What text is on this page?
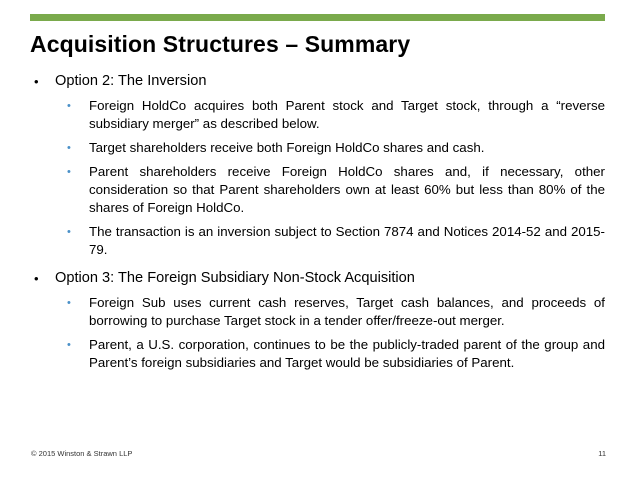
Acquisition Structures – Summary
• Option 2: The Inversion
• Foreign HoldCo acquires both Parent stock and Target stock, through a “reverse subsidiary merger” as described below.
• Target shareholders receive both Foreign HoldCo shares and cash.
• Parent shareholders receive Foreign HoldCo shares and, if necessary, other consideration so that Parent shareholders own at least 60% but less than 80% of the shares of Foreign HoldCo.
• The transaction is an inversion subject to Section 7874 and Notices 2014-52 and 2015-79.
• Option 3: The Foreign Subsidiary Non-Stock Acquisition
• Foreign Sub uses current cash reserves, Target cash balances, and proceeds of borrowing to purchase Target stock in a tender offer/freeze-out merger.
• Parent, a U.S. corporation, continues to be the publicly-traded parent of the group and Parent’s foreign subsidiaries and Target would be subsidiaries of Parent.
© 2015 Winston & Strawn LLP	11
